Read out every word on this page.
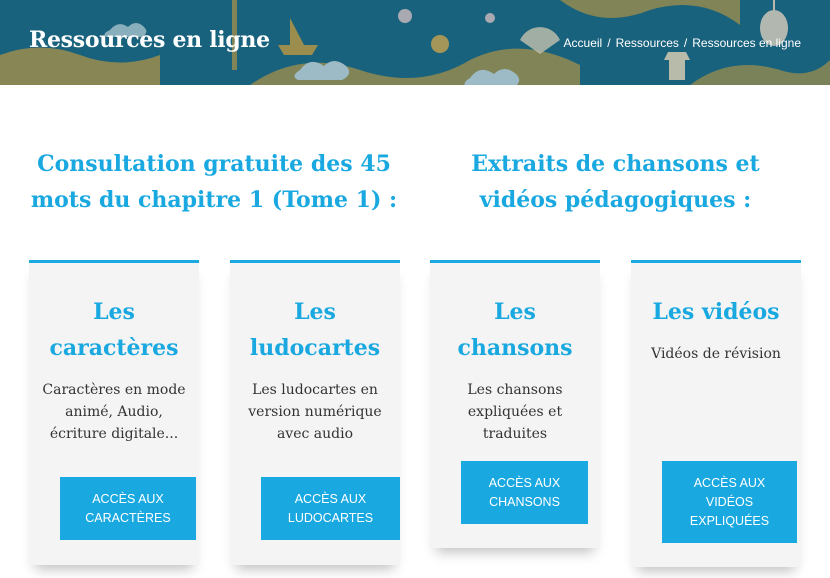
Ressources en ligne	Accueil / Ressources / Ressources en ligne
Consultation gratuite des 45 mots du chapitre 1 (Tome 1) :
Extraits de chansons et vidéos pédagogiques :
Les caractères
Caractères en mode animé, Audio, écriture digitale...
ACCÈS AUX CARACTÈRES
Les ludocartes
Les ludocartes en version numérique avec audio
ACCÈS AUX LUDOCARTES
Les chansons
Les chansons expliquées et traduites
ACCÈS AUX CHANSONS
Les vidéos
Vidéos de révision
ACCÈS AUX VIDÉOS EXPLIQUÉES
